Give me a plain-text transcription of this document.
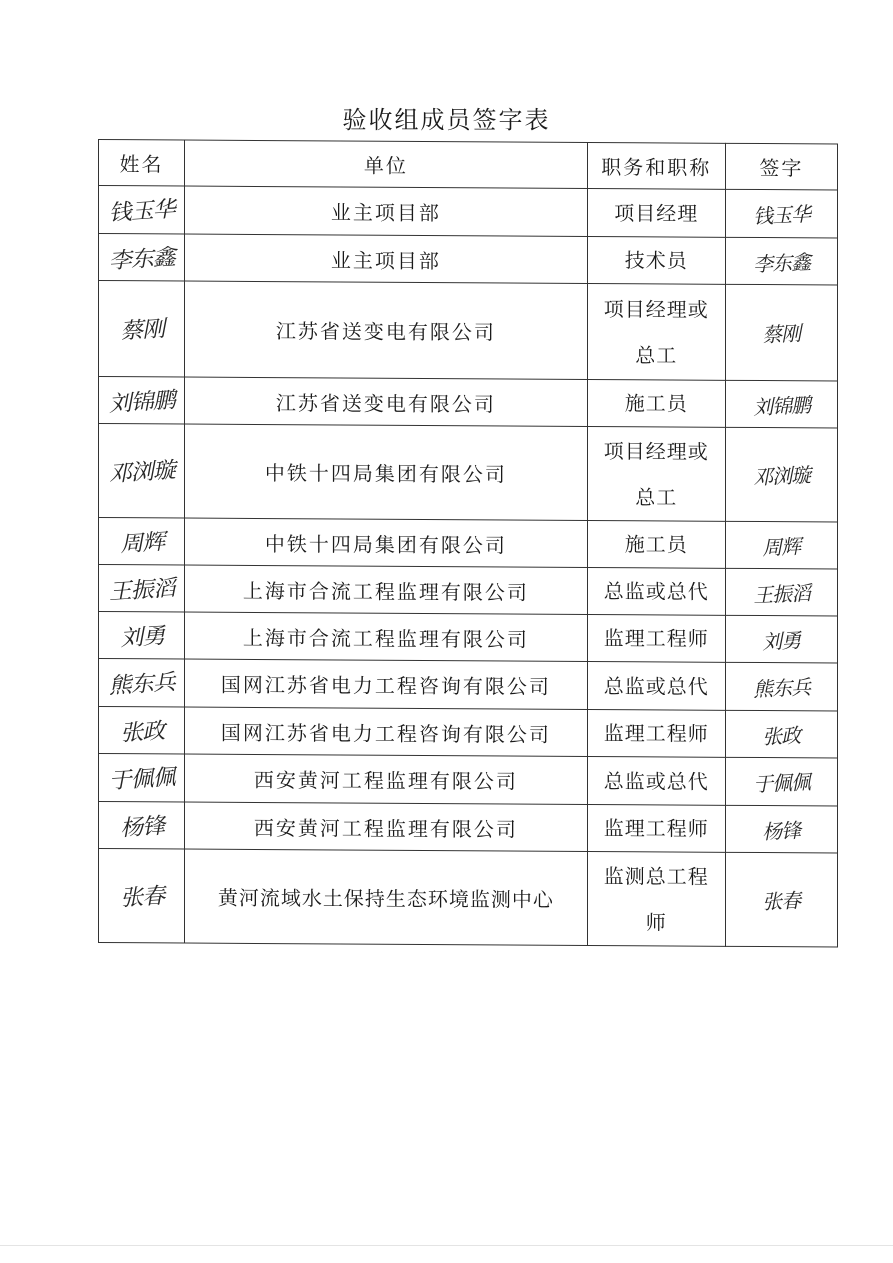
验收组成员签字表
姓名	单位	职务和职称	签字
钱玉华	业主项目部	项目经理	钱玉华
李东鑫	业主项目部	技术员	李东鑫
蔡刚	江苏省送变电有限公司	项目经理或总工	蔡刚
刘锦鹏	江苏省送变电有限公司	施工员	刘锦鹏
邓浏璇	中铁十四局集团有限公司	项目经理或总工	邓浏璇
周辉	中铁十四局集团有限公司	施工员	周辉
王振滔	上海市合流工程监理有限公司	总监或总代	王振滔
刘勇	上海市合流工程监理有限公司	监理工程师	刘勇
熊东兵	国网江苏省电力工程咨询有限公司	总监或总代	熊东兵
张政	国网江苏省电力工程咨询有限公司	监理工程师	张政
于佩佩	西安黄河工程监理有限公司	总监或总代	于佩佩
杨锋	西安黄河工程监理有限公司	监理工程师	杨锋
张春	黄河流域水土保持生态环境监测中心	监测总工程师	张春
